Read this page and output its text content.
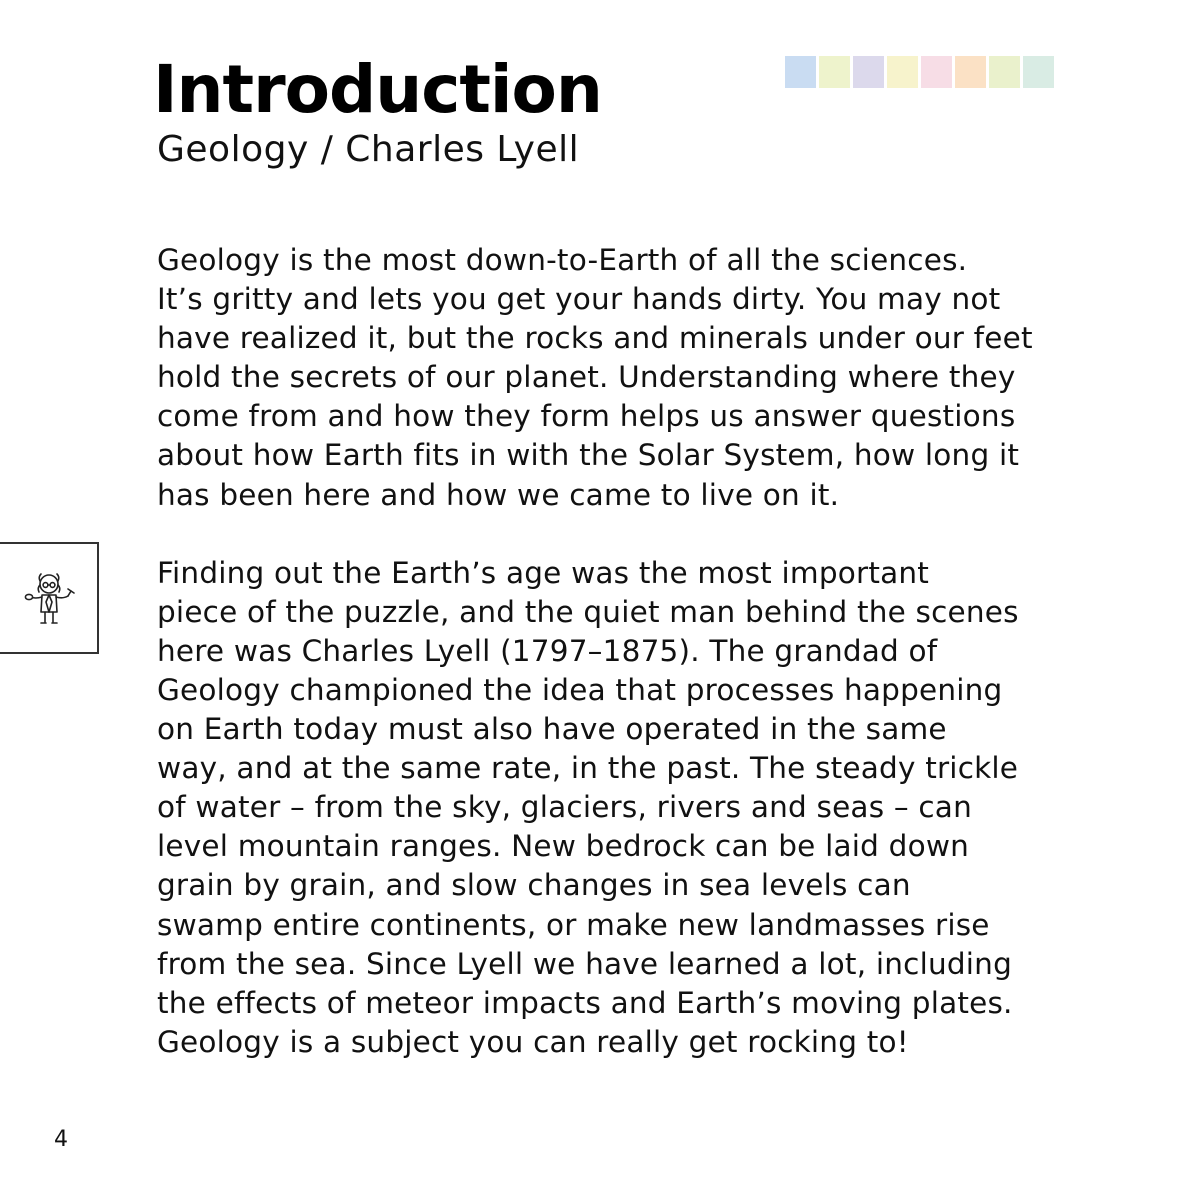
Introduction
Geology / Charles Lyell

Geology is the most down-to-Earth of all the sciences.

It’s gritty and lets you get your hands dirty. You may not

have realized it, but the rocks and minerals under our feet

hold the secrets of our planet. Understanding where they

come from and how they form helps us answer questions

about how Earth fits in with the Solar System, how long it

has been here and how we came to live on it.

Finding out the Earth’s age was the most important

piece of the puzzle, and the quiet man behind the scenes

here was Charles Lyell (1797–1875). The grandad of

Geology championed the idea that processes happening

on Earth today must also have operated in the same

way, and at the same rate, in the past. The steady trickle

of water – from the sky, glaciers, rivers and seas – can

level mountain ranges. New bedrock can be laid down

grain by grain, and slow changes in sea levels can

swamp entire continents, or make new landmasses rise

from the sea. Since Lyell we have learned a lot, including

the effects of meteor impacts and Earth’s moving plates.

Geology is a subject you can really get rocking to!

4
